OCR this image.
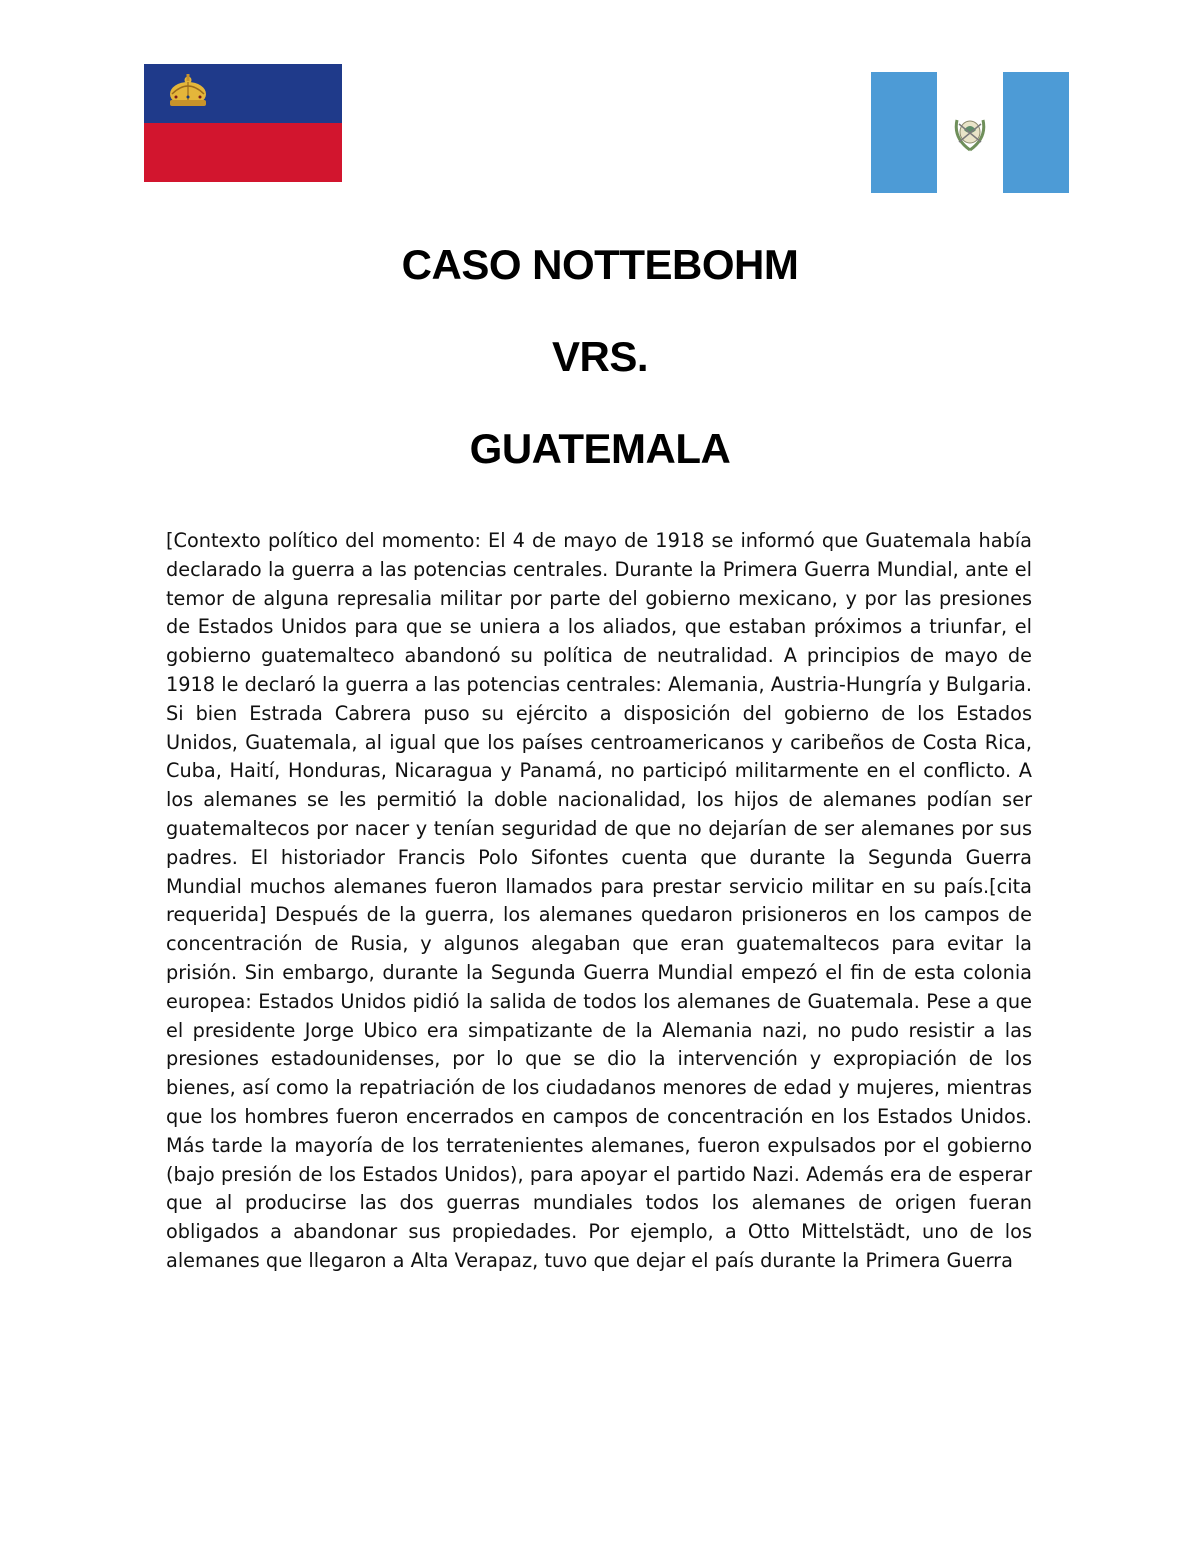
CASO NOTTEBOHM
VRS.
GUATEMALA

[Contexto político del momento: El 4 de mayo de 1918 se informó que Guatemala había declarado la guerra a las potencias centrales. Durante la Primera Guerra Mundial, ante el temor de alguna represalia militar por parte del gobierno mexicano, y por las presiones de Estados Unidos para que se uniera a los aliados, que estaban próximos a triunfar, el gobierno guatemalteco abandonó su política de neutralidad. A principios de mayo de 1918 le declaró la guerra a las potencias centrales: Alemania, Austria-Hungría y Bulgaria. Si bien Estrada Cabrera puso su ejército a disposición del gobierno de los Estados Unidos, Guatemala, al igual que los países centroamericanos y caribeños de Costa Rica, Cuba, Haití, Honduras, Nicaragua y Panamá, no participó militarmente en el conflicto. A los alemanes se les permitió la doble nacionalidad, los hijos de alemanes podían ser guatemaltecos por nacer y tenían seguridad de que no dejarían de ser alemanes por sus padres. El historiador Francis Polo Sifontes cuenta que durante la Segunda Guerra Mundial muchos alemanes fueron llamados para prestar servicio militar en su país.[cita requerida] Después de la guerra, los alemanes quedaron prisioneros en los campos de concentración de Rusia, y algunos alegaban que eran guatemaltecos para evitar la prisión. Sin embargo, durante la Segunda Guerra Mundial empezó el fin de esta colonia europea: Estados Unidos pidió la salida de todos los alemanes de Guatemala. Pese a que el presidente Jorge Ubico era simpatizante de la Alemania nazi, no pudo resistir a las presiones estadounidenses, por lo que se dio la intervención y expropiación de los bienes, así como la repatriación de los ciudadanos menores de edad y mujeres, mientras que los hombres fueron encerrados en campos de concentración en los Estados Unidos. Más tarde la mayoría de los terratenientes alemanes, fueron expulsados por el gobierno (bajo presión de los Estados Unidos), para apoyar el partido Nazi. Además era de esperar que al producirse las dos guerras mundiales todos los alemanes de origen fueran obligados a abandonar sus propiedades. Por ejemplo, a Otto Mittelstädt, uno de los alemanes que llegaron a Alta Verapaz, tuvo que dejar el país durante la Primera Guerra
